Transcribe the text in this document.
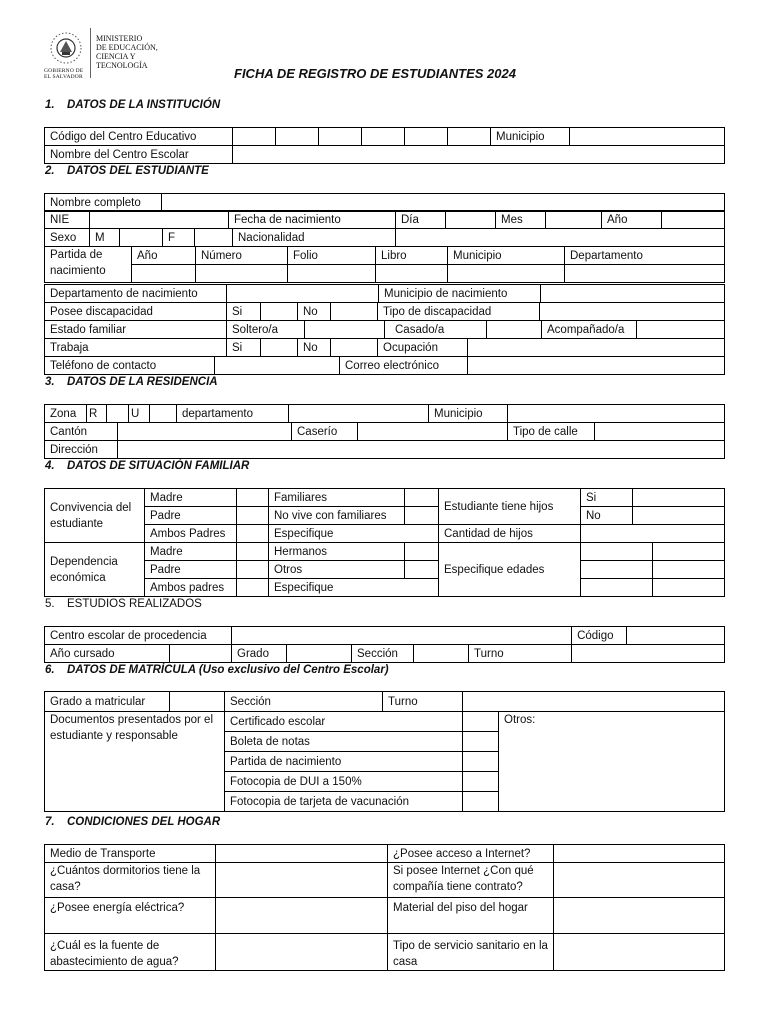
GOBIERNO DE EL SALVADOR
MINISTERIO
DE EDUCACIÓN,
CIENCIA Y
TECNOLOGÍA
FICHA DE REGISTRO DE ESTUDIANTES 2024
1. DATOS DE LA INSTITUCIÓN
Código del Centro Educativo							Municipio	
Nombre del Centro Escolar								
2. DATOS DEL ESTUDIANTE
Nombre completo	
NIE		Fecha de nacimiento	Día		Mes		Año	
Sexo	M		F		Nacionalidad	
Partida de nacimiento	Año	Número	Folio	Libro	Municipio	Departamento

Departamento de nacimiento		Municipio de nacimiento	
Posee discapacidad	Si		No		Tipo de discapacidad	
Estado familiar	Soltero/a		Casado/a		Acompañado/a	
Trabaja	Si		No		Ocupación	
Teléfono de contacto		Correo electrónico	
3. DATOS DE LA RESIDENCIA
Zona	R		U		departamento		Municipio	
Cantón		Caserío		Tipo de calle	
Dirección					
4. DATOS DE SITUACIÓN FAMILIAR
Convivencia del estudiante	Madre		Familiares		Estudiante tiene hijos	Si		
	Padre		No vive con familiares			No		
	Ambos Padres		Especifique		Cantidad de hijos			
Dependencia económica	Madre		Hermanos		Especifique edades			
	Padre		Otros					
	Ambos padres		Especifique					
5. ESTUDIOS REALIZADOS
Centro escolar de procedencia							Código	
Año cursado		Grado		Sección		Turno		
6. DATOS DE MATRÍCULA (Uso exclusivo del Centro Escolar)
Grado a matricular		Sección	Turno		
Documentos presentados por el estudiante y responsable		Certificado escolar			Otros:
		Boleta de notas			
		Partida de nacimiento			
		Fotocopia de DUI a 150%			
		Fotocopia de tarjeta de vacunación			
7. CONDICIONES DEL HOGAR
Medio de Transporte		¿Posee acceso a Internet?	
¿Cuántos dormitorios tiene la casa?		Si posee Internet ¿Con qué compañía tiene contrato?	
¿Posee energía eléctrica?		Material del piso del hogar	
¿Cuál es la fuente de abastecimiento de agua?		Tipo de servicio sanitario en la casa	
